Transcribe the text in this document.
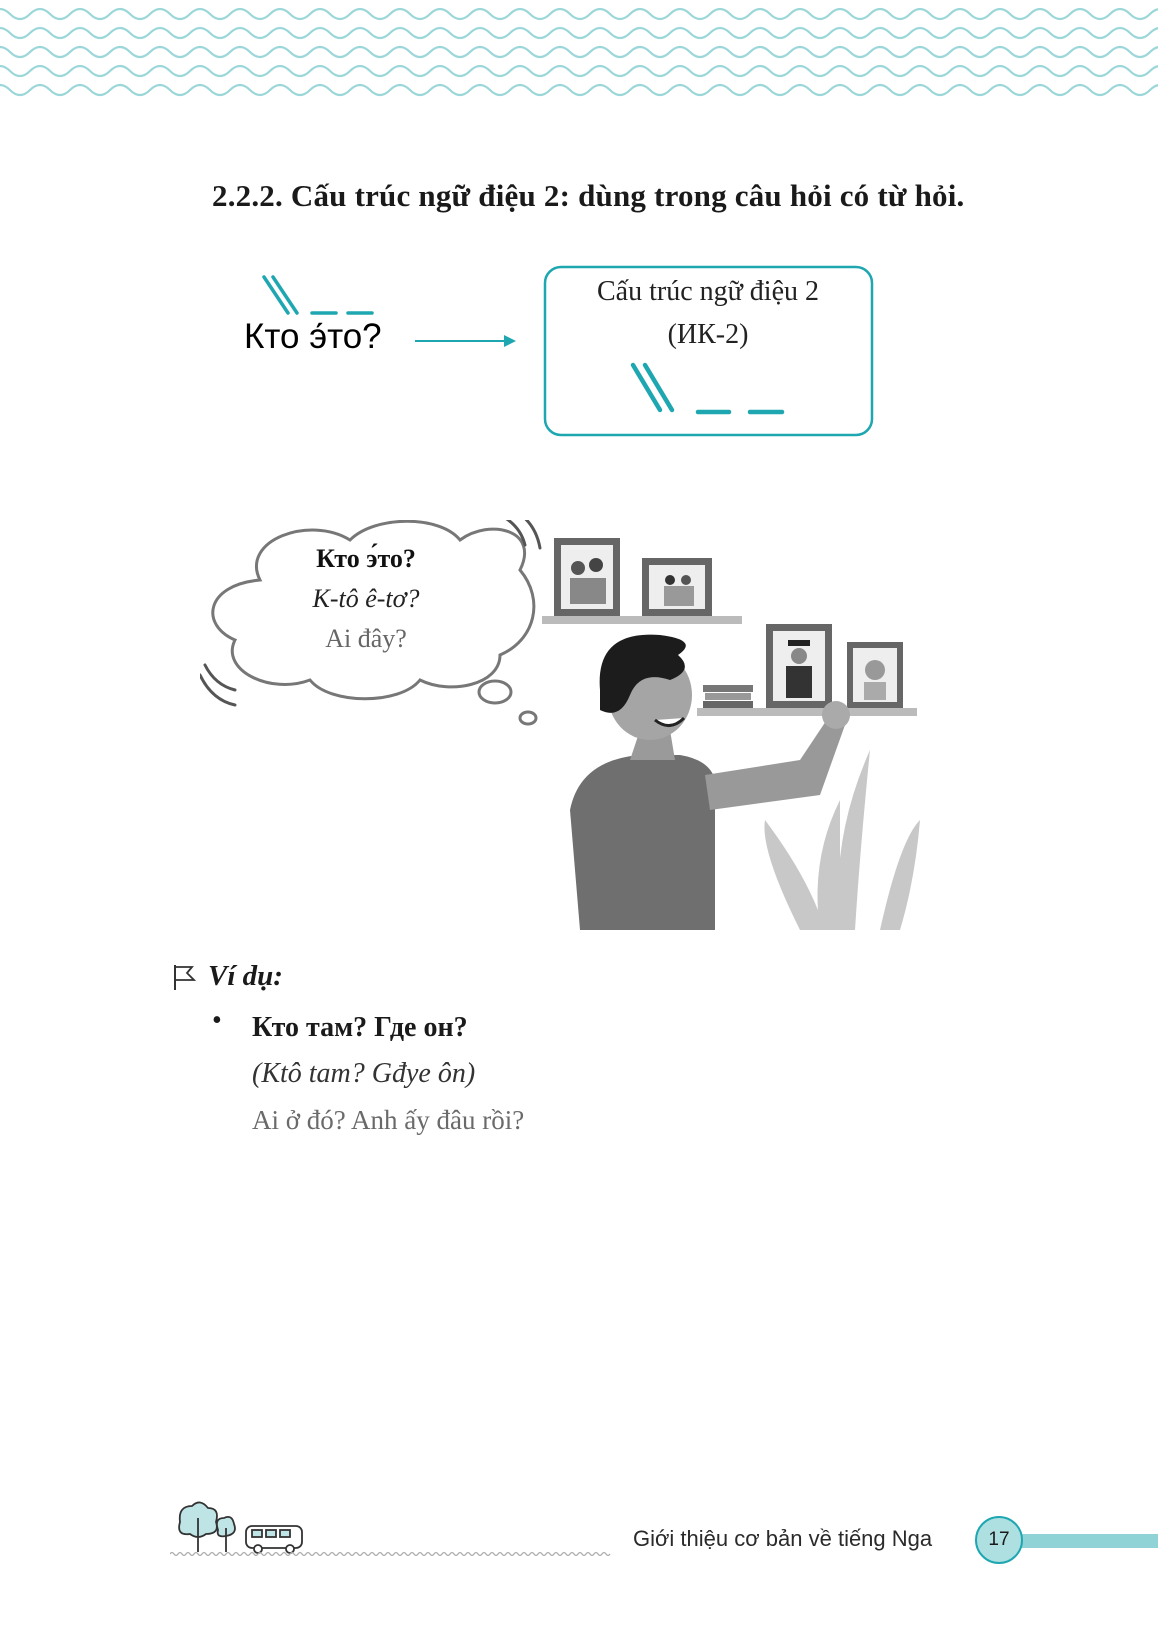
2.2.2. Cấu trúc ngữ điệu 2: dùng trong câu hỏi có từ hỏi.
Кто э́то?
Cấu trúc ngữ điệu 2
(ИК-2)
Кто э́то?
K-tô ê-tơ?
Ai đây?
Ví dụ:
• Кто там? Где он?
(Ktô tam? Gđye ôn)
Ai ở đó? Anh ấy đâu rồi?
Giới thiệu cơ bản về tiếng Nga	17
